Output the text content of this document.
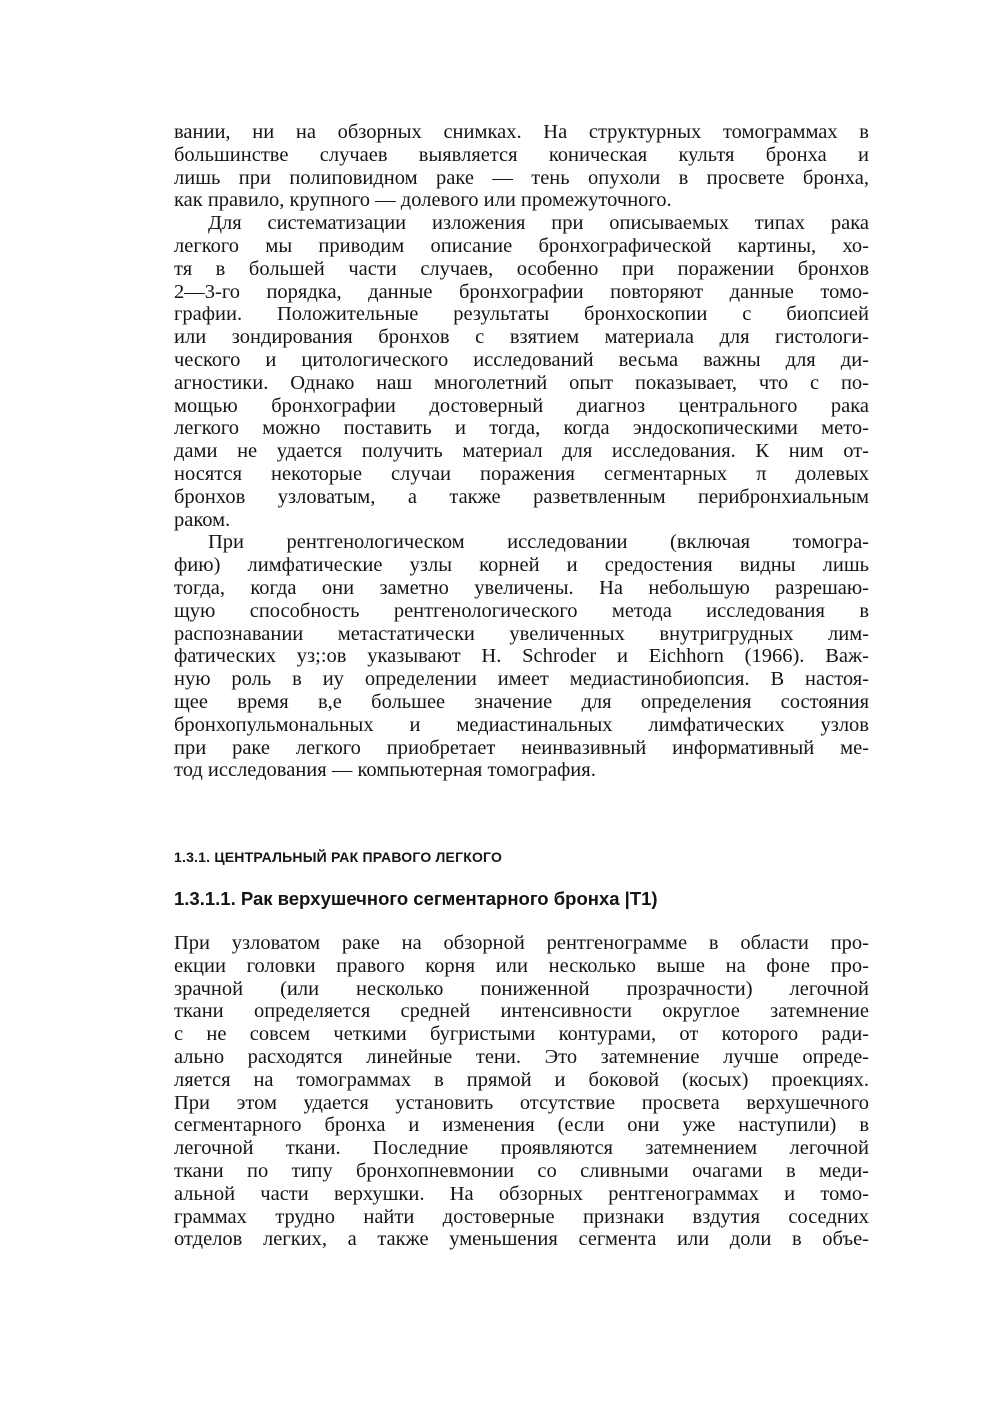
вании, ни на обзорных снимках. На структурных томограммах в
большинстве случаев выявляется коническая культя бронха и
лишь при полиповидном раке — тень опухоли в просвете бронха,
как правило, крупного — долевого или промежуточного.

Для систематизации изложения при описываемых типах рака
легкого мы приводим описание бронхографической картины, хо-
тя в большей части случаев, особенно при поражении бронхов
2—3-го порядка, данные бронхографии повторяют данные томо-
графии. Положительные результаты бронхоскопии с биопсией
или зондирования бронхов с взятием материала для гистологи-
ческого и цитологического исследований весьма важны для ди-
агностики. Однако наш многолетний опыт показывает, что с по-
мощью бронхографии достоверный диагноз центрального рака
легкого можно поставить и тогда, когда эндоскопическими мето-
дами не удается получить материал для исследования. К ним от-
носятся некоторые случаи поражения сегментарных π долевых
бронхов узловатым, а также разветвленным перибронхиальным
раком.

При рентгенологическом исследовании (включая томогра-
фию) лимфатические узлы корней и средостения видны лишь
тогда, когда они заметно увеличены. На небольшую разрешаю-
щую способность рентгенологического метода исследования в
распознавании метастатически увеличенных внутригрудных лим-
фатических уз;:ов указывают H. Schroder и Eichhorn (1966). Важ-
ную роль в иу определении имеет медиастинобиопсия. В настоя-
щее время в,е большее значение для определения состояния
бронхопульмональных и медиастинальных лимфатических узлов
при раке легкого приобретает неинвазивный информативный ме-
тод исследования — компьютерная томография.

1.3.1. ЦЕНТРАЛЬНЫЙ РАК ПРАВОГО ЛЕГКОГО
1.3.1.1. Рак верхушечного сегментарного бронха |T1)

При узловатом раке на обзорной рентгенограмме в области про-
екции головки правого корня или несколько выше на фоне про-
зрачной (или несколько пониженной прозрачности) легочной
ткани определяется средней интенсивности округлое затемнение
с не совсем четкими бугристыми контурами, от которого ради-
ально расходятся линейные тени. Это затемнение лучше опреде-
ляется на томограммах в прямой и боковой (косых) проекциях.
При этом удается установить отсутствие просвета верхушечного
сегментарного бронха и изменения (если они уже наступили) в
легочной ткани. Последние проявляются затемнением легочной
ткани по типу бронхопневмонии со сливными очагами в меди-
альной части верхушки. На обзорных рентгенограммах и томо-
граммах трудно найти достоверные признаки вздутия соседних
отделов легких, а также уменьшения сегмента или доли в объе-
